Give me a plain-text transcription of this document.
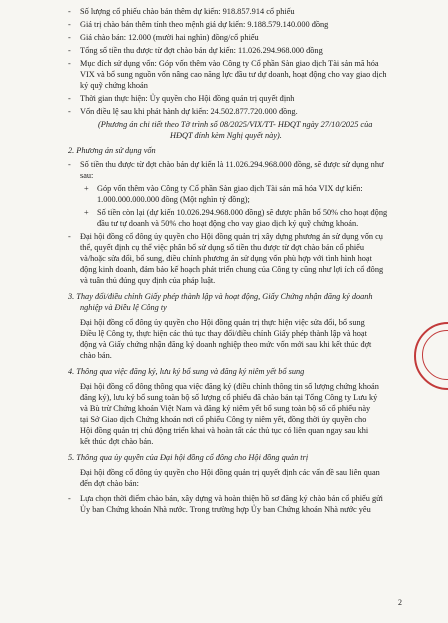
- Số lượng cổ phiếu chào bán thêm dự kiến: 918.857.914 cổ phiếu
- Giá trị chào bán thêm tính theo mệnh giá dự kiến: 9.188.579.140.000 đồng
- Giá chào bán: 12.000 (mười hai nghìn) đồng/cổ phiếu
- Tổng số tiền thu được từ đợt chào bán dự kiến: 11.026.294.968.000 đồng
- Mục đích sử dụng vốn: Góp vốn thêm vào Công ty Cổ phần Sàn giao dịch Tài sản mã hóa
VIX và bổ sung nguồn vốn nâng cao năng lực đầu tư dự doanh, hoạt động cho vay giao dịch
ký quỹ chứng khoán
- Thời gian thực hiện: Ủy quyền cho Hội đồng quản trị quyết định
- Vốn điều lệ sau khi phát hành dự kiến: 24.502.877.720.000 đồng.
(Phương án chi tiết theo Tờ trình số 08/2025/VIX/TT- HĐQT ngày 27/10/2025 của
HĐQT đính kèm Nghị quyết này).
2. Phương án sử dụng vốn
- Số tiền thu được từ đợt chào bán dự kiến là 11.026.294.968.000 đồng, sẽ được sử dụng như
sau:
+ Góp vốn thêm vào Công ty Cổ phần Sàn giao dịch Tài sản mã hóa VIX dự kiến:
1.000.000.000.000 đồng (Một nghìn tỷ đồng);
+ Số tiền còn lại (dự kiến 10.026.294.968.000 đồng) sẽ được phân bổ 50% cho hoạt động
đầu tư tự doanh và 50% cho hoạt động cho vay giao dịch ký quỹ chứng khoán.
- Đại hội đồng cổ đông ủy quyền cho Hội đồng quản trị xây dựng phương án sử dụng vốn cụ
thể, quyết định cụ thể việc phân bổ sử dụng số tiền thu được từ đợt chào bán cổ phiếu
và/hoặc sửa đổi, bổ sung, điều chỉnh phương án sử dụng vốn phù hợp với tình hình hoạt
động kinh doanh, đảm bảo kế hoạch phát triển chung của Công ty cũng như lợi ích cổ đông
và tuân thủ đúng quy định của pháp luật.
3. Thay đổi/điều chỉnh Giấy phép thành lập và hoạt động, Giấy Chứng nhận đăng ký doanh
nghiệp và Điều lệ Công ty
Đại hội đồng cổ đông ủy quyền cho Hội đồng quản trị thực hiện việc sửa đổi, bổ sung
Điều lệ Công ty, thực hiện các thủ tục thay đổi/điều chỉnh Giấy phép thành lập và hoạt
động và Giấy chứng nhận đăng ký doanh nghiệp theo mức vốn mới sau khi kết thúc đợt
chào bán.
4. Thông qua việc đăng ký, lưu ký bổ sung và đăng ký niêm yết bổ sung
Đại hội đồng cổ đông thông qua việc đăng ký (điều chỉnh thông tin số lượng chứng khoán
đăng ký), lưu ký bổ sung toàn bộ số lượng cổ phiếu đã chào bán tại Tổng Công ty Lưu ký
và Bù trừ Chứng khoán Việt Nam và đăng ký niêm yết bổ sung toàn bộ số cổ phiếu này
tại Sở Giao dịch Chứng khoán nơi cổ phiếu Công ty niêm yết, đồng thời ủy quyền cho
Hội đồng quản trị chủ động triển khai và hoàn tất các thủ tục có liên quan ngay sau khi
kết thúc đợt chào bán.
5. Thông qua ủy quyền của Đại hội đồng cổ đông cho Hội đồng quản trị
Đại hội đồng cổ đông ủy quyền cho Hội đồng quản trị quyết định các vấn đề sau liên quan
đến đợt chào bán:
- Lựa chọn thời điểm chào bán, xây dựng và hoàn thiện hồ sơ đăng ký chào bán cổ phiếu gửi
Ủy ban Chứng khoán Nhà nước. Trong trường hợp Ủy ban Chứng khoán Nhà nước yêu
2
